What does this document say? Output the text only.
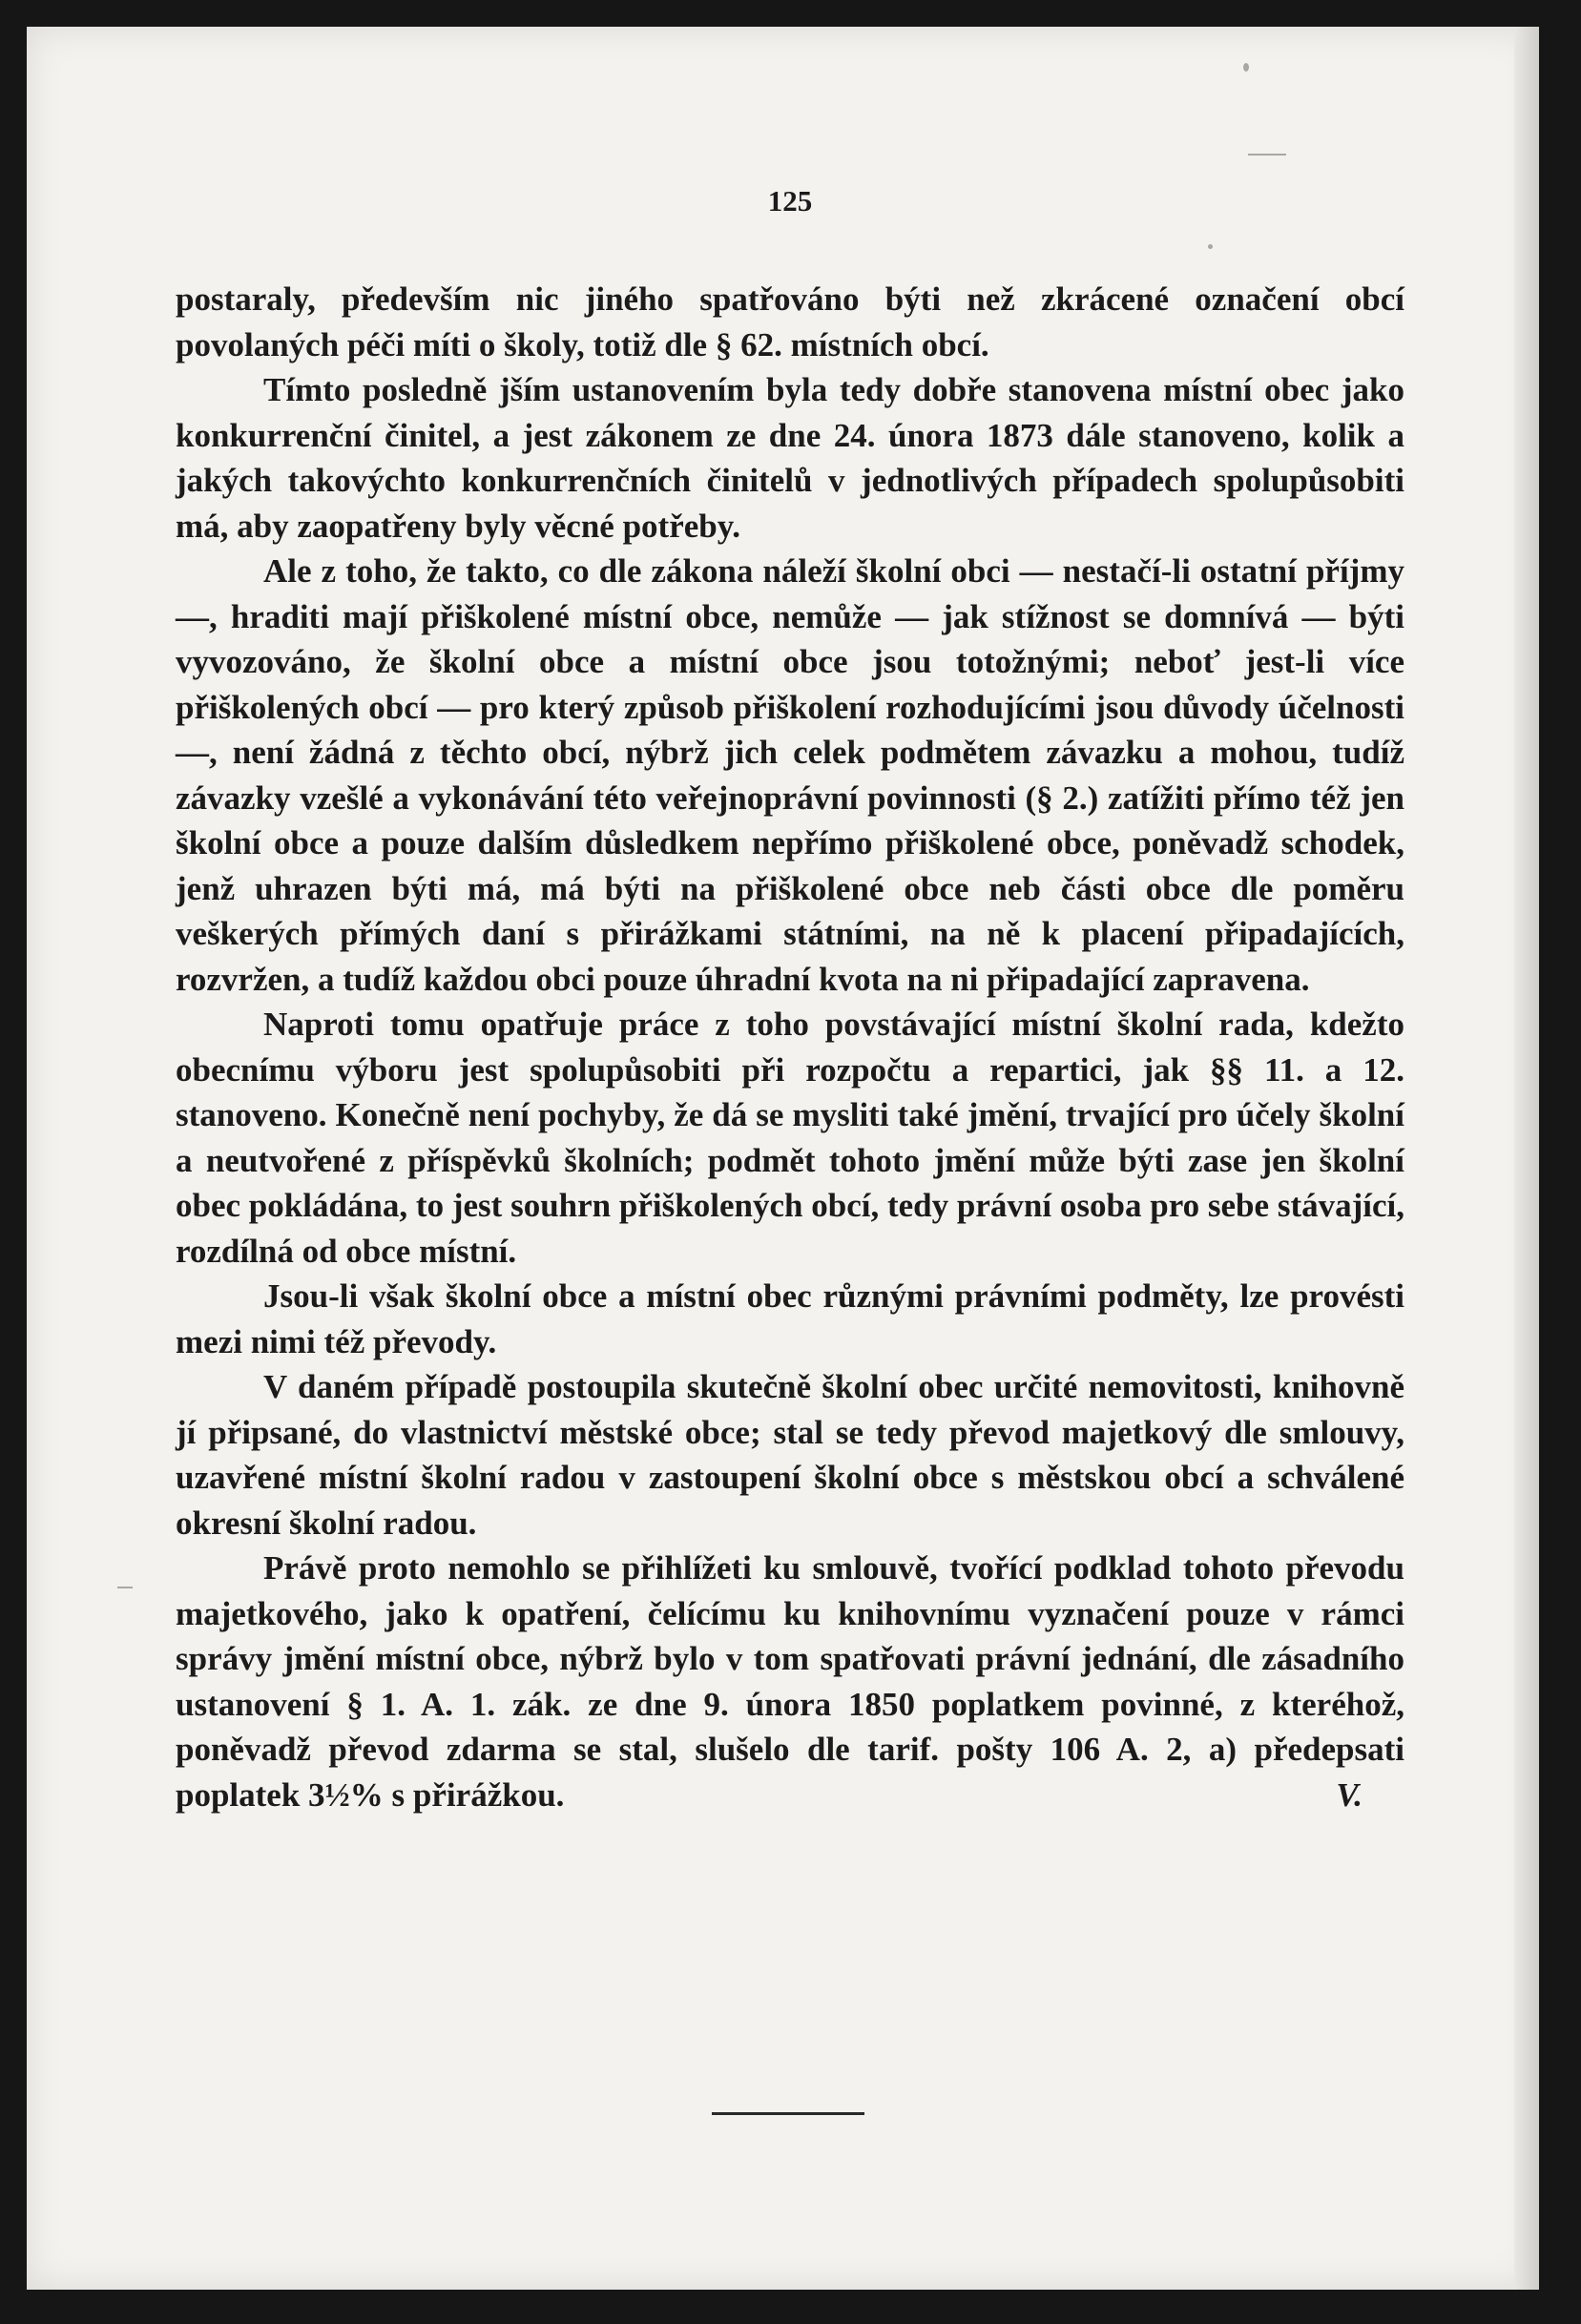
125

postaraly, především nic jiného spatřováno býti než zkrácené označení obcí povolaných péči míti o školy, totiž dle § 62. místních obcí.

Tímto posledně jším ustanovením byla tedy dobře stanovena místní obec jako konkurrenční činitel, a jest zákonem ze dne 24. února 1873 dále stanoveno, kolik a jakých takovýchto konkurrenčních činitelů v jednotlivých případech spolupůsobiti má, aby zaopatřeny byly věcné potřeby.

Ale z toho, že takto, co dle zákona náleží školní obci — nestačí-li ostatní příjmy —, hraditi mají přiškolené místní obce, nemůže — jak stížnost se domnívá — býti vyvozováno, že školní obce a místní obce jsou totožnými; neboť jest-li více přiškolených obcí — pro který způsob přiškolení rozhodujícími jsou důvody účelnosti —, není žádná z těchto obcí, nýbrž jich celek podmětem závazku a mohou, tudíž závazky vzešlé a vykonávání této veřejnoprávní povinnosti (§ 2.) zatížiti přímo též jen školní obce a pouze dalším důsledkem nepřímo přiškolené obce, poněvadž schodek, jenž uhrazen býti má, má býti na přiškolené obce neb části obce dle poměru veškerých přímých daní s přirážkami státními, na ně k placení připadajících, rozvržen, a tudíž každou obci pouze úhradní kvota na ni připadající zapravena.

Naproti tomu opatřuje práce z toho povstávající místní školní rada, kdežto obecnímu výboru jest spolupůsobiti při rozpočtu a repartici, jak §§ 11. a 12. stanoveno. Konečně není pochyby, že dá se mysliti také jmění, trvající pro účely školní a neutvořené z příspěvků školních; podmět tohoto jmění může býti zase jen školní obec pokládána, to jest souhrn přiškolených obcí, tedy právní osoba pro sebe stávající, rozdílná od obce místní.

Jsou-li však školní obce a místní obec různými právními podměty, lze provésti mezi nimi též převody.

V daném případě postoupila skutečně školní obec určité nemovitosti, knihovně jí připsané, do vlastnictví městské obce; stal se tedy převod majetkový dle smlouvy, uzavřené místní školní radou v zastoupení školní obce s městskou obcí a schválené okresní školní radou.

Právě proto nemohlo se přihlížeti ku smlouvě, tvořící podklad tohoto převodu majetkového, jako k opatření, čelícímu ku knihovnímu vyznačení pouze v rámci správy jmění místní obce, nýbrž bylo v tom spatřovati právní jednání, dle zásadního ustanovení § 1. A. 1. zák. ze dne 9. února 1850 poplatkem povinné, z kteréhož, poněvadž převod zdarma se stal, slušelo dle tarif. pošty 106 A. 2, a) předepsati poplatek 3½% s přirážkou.	V.
